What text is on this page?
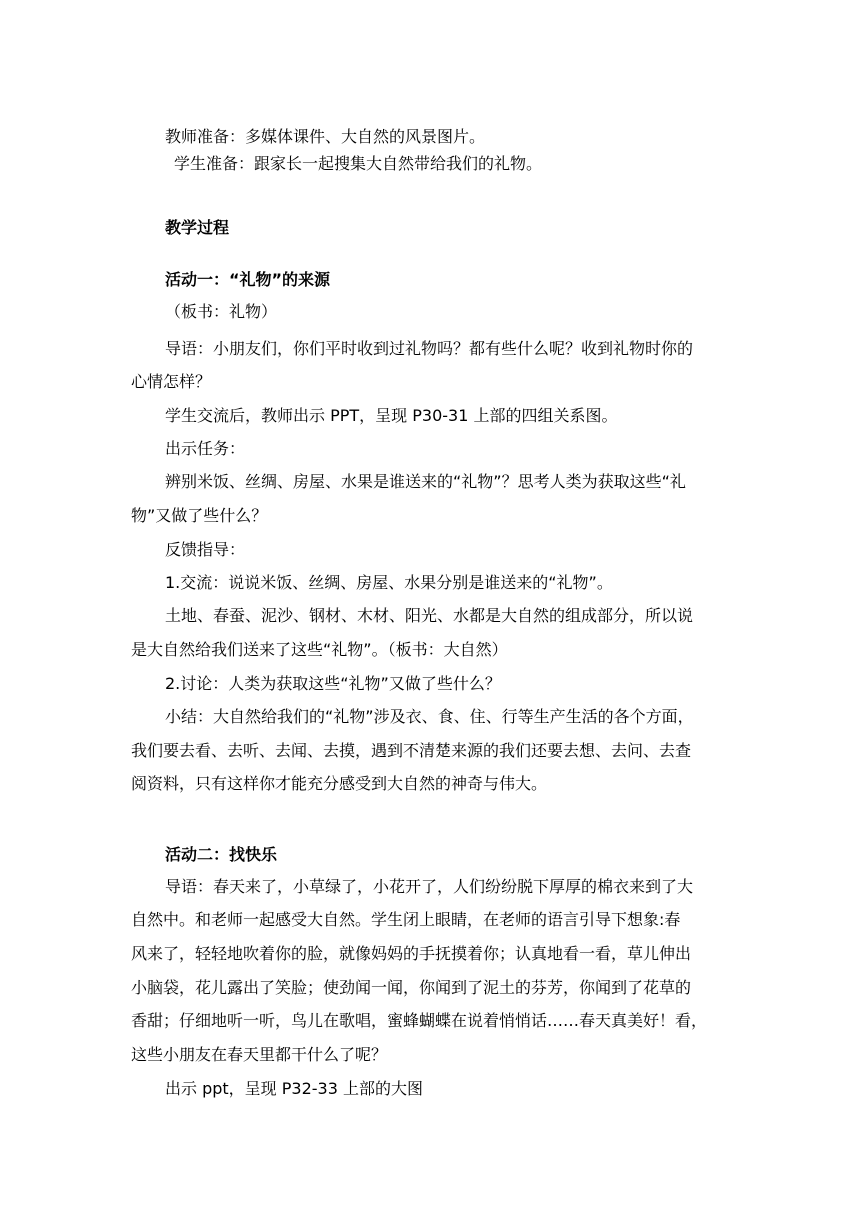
教师准备：多媒体课件、大自然的风景图片。
学生准备：跟家长一起搜集大自然带给我们的礼物。
教学过程
活动一：“礼物”的来源
（板书：礼物）
导语：小朋友们，你们平时收到过礼物吗？都有些什么呢？收到礼物时你的
心情怎样？
学生交流后，教师出示 PPT，呈现 P30-31 上部的四组关系图。
出示任务：
辨别米饭、丝绸、房屋、水果是谁送来的“礼物”？思考人类为获取这些“礼
物”又做了些什么？
反馈指导：
1.交流：说说米饭、丝绸、房屋、水果分别是谁送来的“礼物”。
土地、春蚕、泥沙、钢材、木材、阳光、水都是大自然的组成部分，所以说
是大自然给我们送来了这些“礼物”。（板书：大自然）
2.讨论：人类为获取这些“礼物”又做了些什么？
小结：大自然给我们的“礼物”涉及衣、食、住、行等生产生活的各个方面，
我们要去看、去听、去闻、去摸，遇到不清楚来源的我们还要去想、去问、去查
阅资料，只有这样你才能充分感受到大自然的神奇与伟大。
活动二：找快乐
导语：春天来了，小草绿了，小花开了，人们纷纷脱下厚厚的棉衣来到了大
自然中。和老师一起感受大自然。学生闭上眼睛，在老师的语言引导下想象:春
风来了，轻轻地吹着你的脸，就像妈妈的手抚摸着你；认真地看一看，草儿伸出
小脑袋，花儿露出了笑脸；使劲闻一闻，你闻到了泥土的芬芳，你闻到了花草的
香甜；仔细地听一听，鸟儿在歌唱，蜜蜂蝴蝶在说着悄悄话……春天真美好！看，
这些小朋友在春天里都干什么了呢？
出示 ppt，呈现 P32-33 上部的大图
